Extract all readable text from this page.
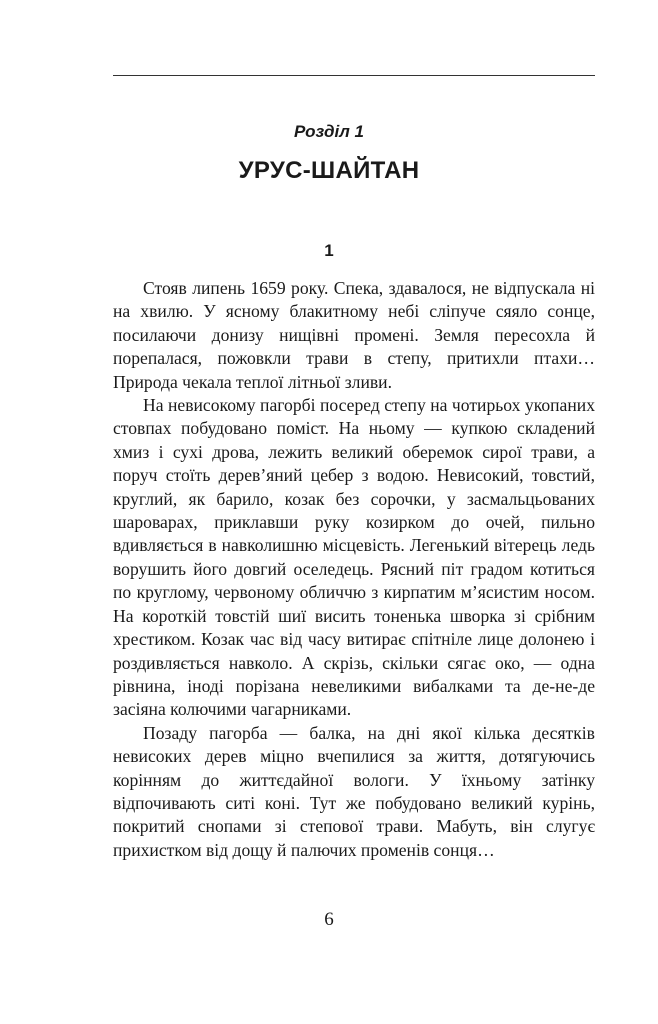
Розділ 1
УРУС-ШАЙТАН
1

Стояв липень 1659 року. Спека, здавалося, не відпускала ні на хвилю. У ясному блакитному небі сліпуче сяяло сонце, посилаючи донизу нищівні промені. Земля пересохла й порепалася, пожовкли трави в степу, притихли птахи… Природа чекала теплої літньої зливи.

На невисокому пагорбі посеред степу на чотирьох укопаних стовпах побудовано поміст. На ньому — купкою складений хмиз і сухі дрова, лежить великий оберемок сирої трави, а поруч стоїть дерев’яний цебер з водою. Невисокий, товстий, круглий, як барило, козак без сорочки, у засмальцьованих шароварах, приклавши руку козирком до очей, пильно вдивляється в навколишню місцевість. Легенький вітерець ледь ворушить його довгий оселедець. Рясний піт градом котиться по круглому, червоному обличчю з кирпатим м’ясистим носом. На короткій товстій шиї висить тоненька шворка зі срібним хрестиком. Козак час від часу витирає спітніле лице долонею і роздивляється навколо. А скрізь, скільки сягає око, — одна рівнина, іноді порізана невеликими вибалками та де-не-де засіяна колючими чагарниками.

Позаду пагорба — балка, на дні якої кілька десятків невисоких дерев міцно вчепилися за життя, дотягуючись корінням до життєдайної вологи. У їхньому затінку відпочивають ситі коні. Тут же побудовано великий курінь, покритий снопами зі степової трави. Мабуть, він слугує прихистком від дощу й палючих променів сонця…

6
